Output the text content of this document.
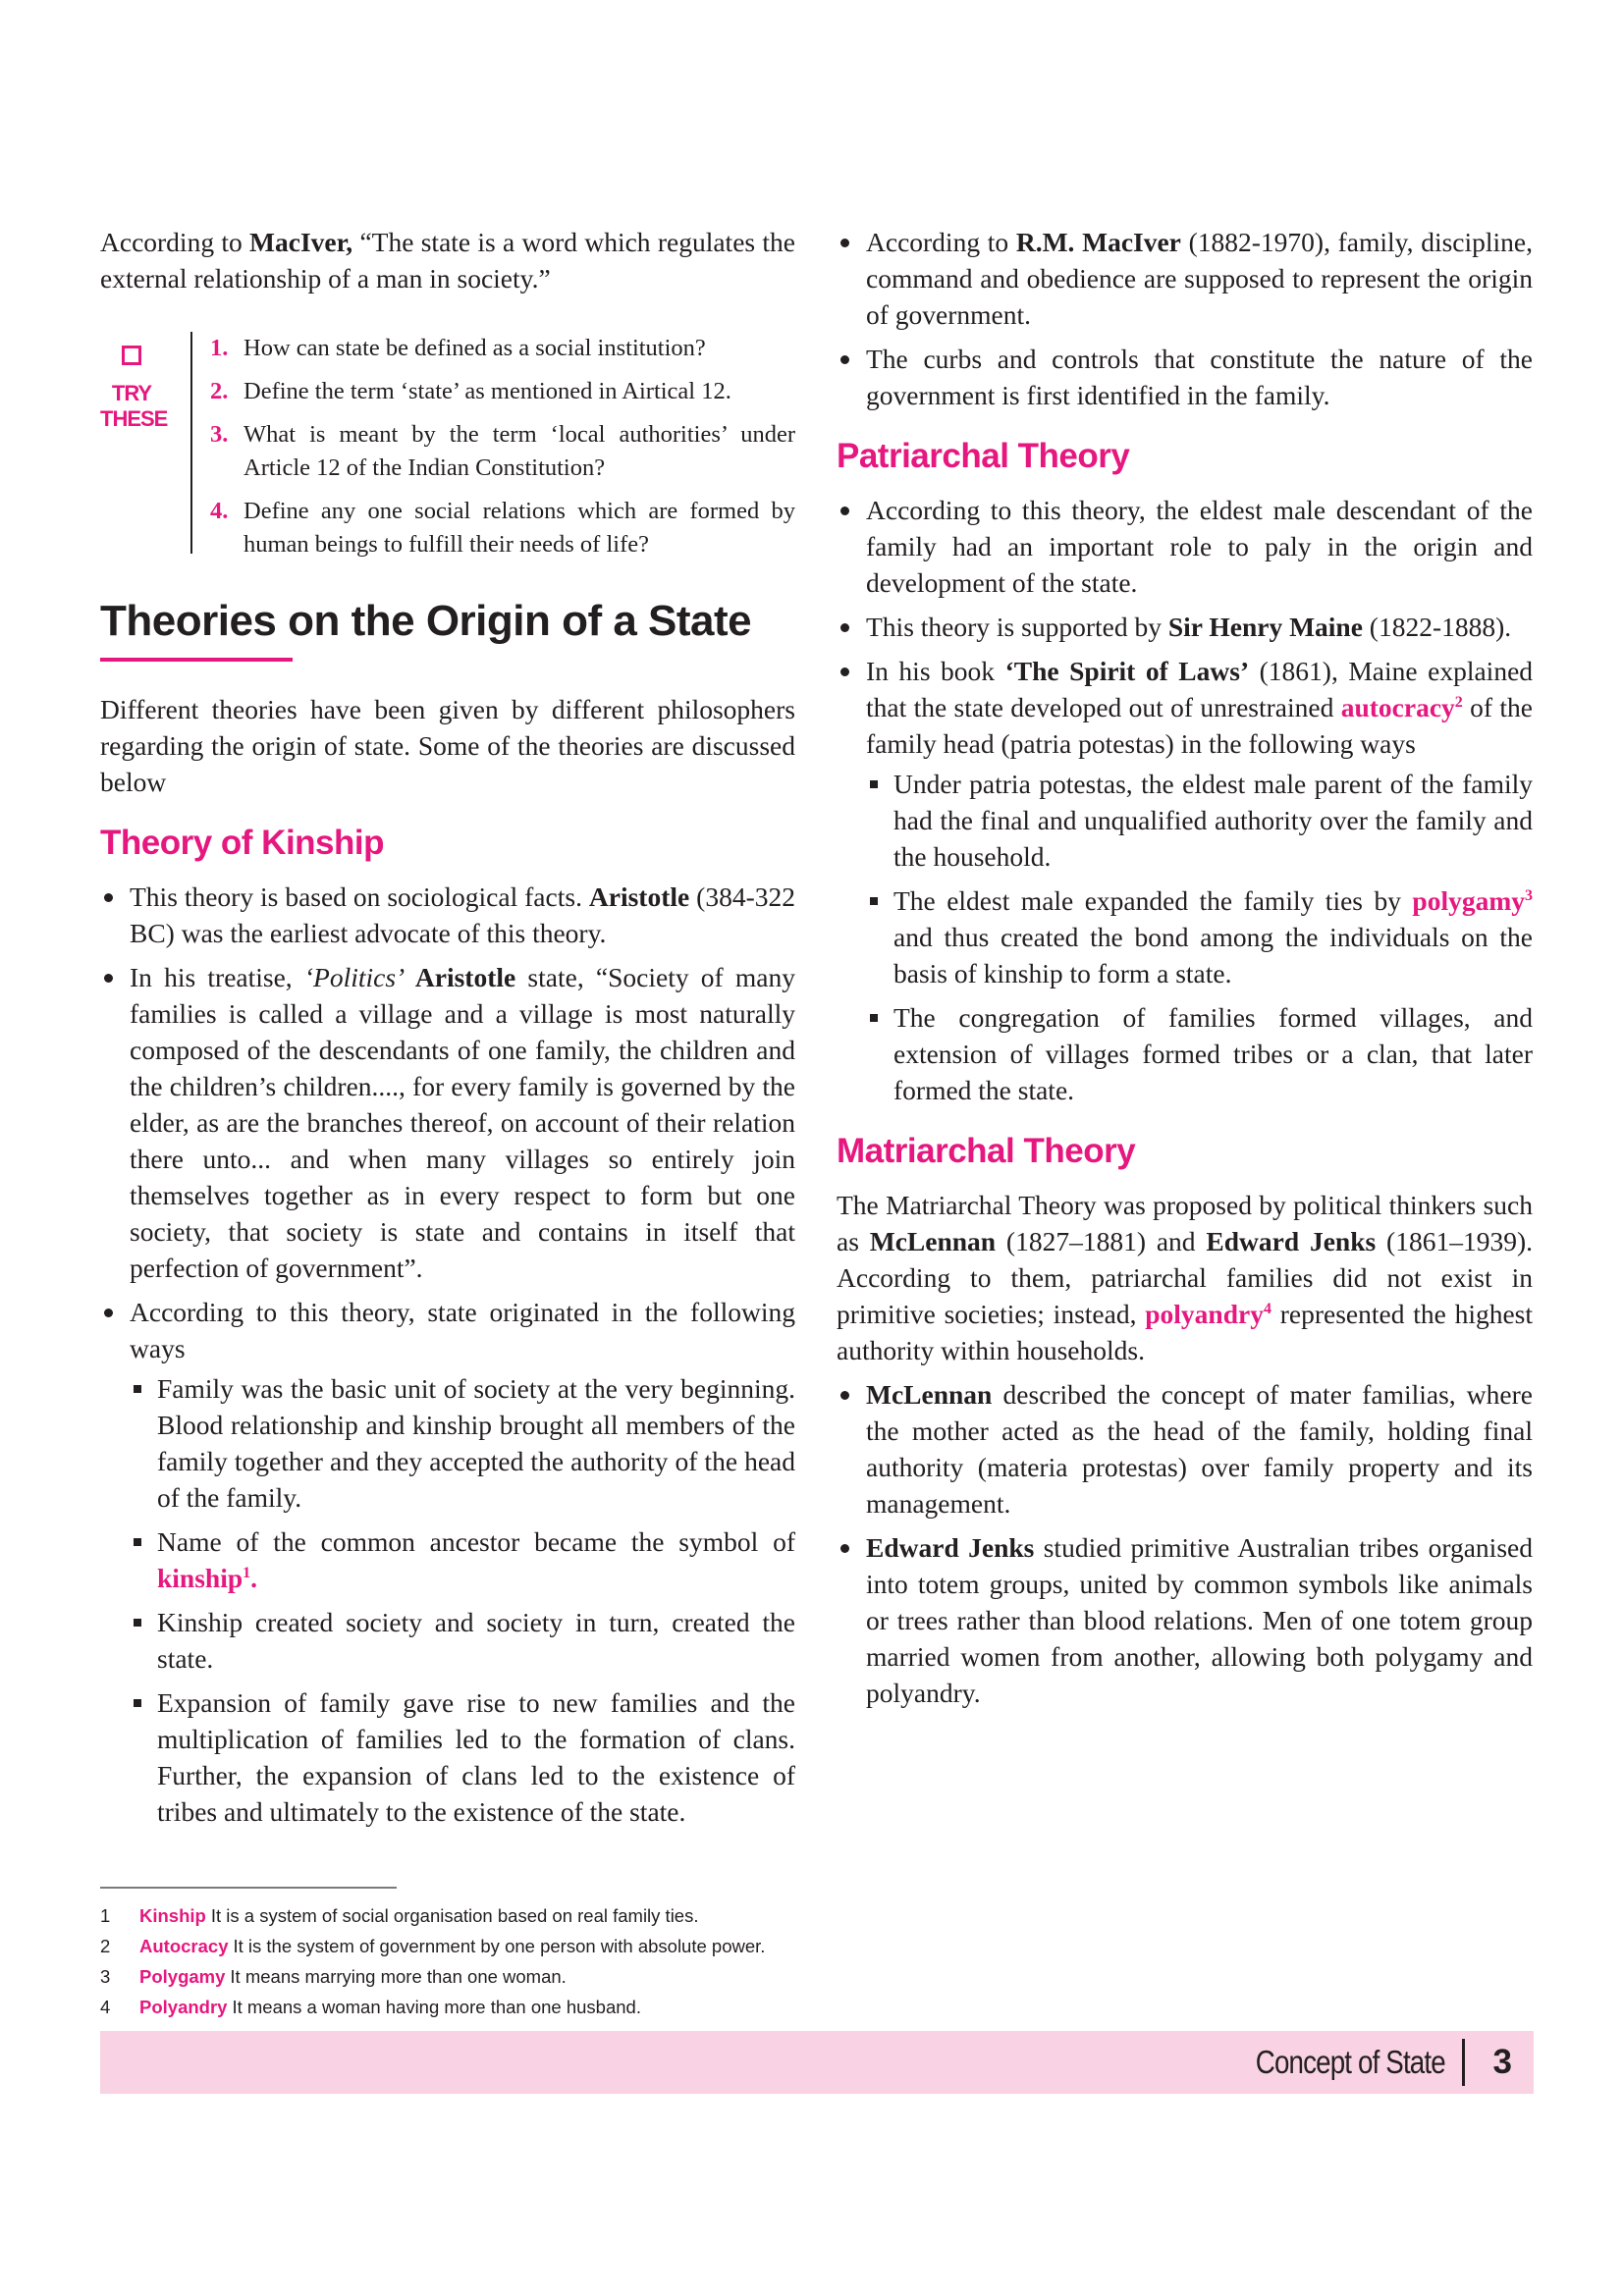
According to MacIver, “The state is a word which regulates the external relationship of a man in society.”

TRY
THESE
1. How can state be defined as a social institution?
2. Define the term ‘state’ as mentioned in Airtical 12.
3. What is meant by the term ‘local authorities’ under Article 12 of the Indian Constitution?
4. Define any one social relations which are formed by human beings to fulfill their needs of life?
Theories on the Origin of a State

Different theories have been given by different philosophers regarding the origin of state. Some of the theories are discussed below

Theory of Kinship
This theory is based on sociological facts. Aristotle (384-322 BC) was the earliest advocate of this theory.
In his treatise, ‘Politics’ Aristotle state, “Society of many families is called a village and a village is most naturally composed of the descendants of one family, the children and the children’s children...., for every family is governed by the elder, as are the branches thereof, on account of their relation there unto... and when many villages so entirely join themselves together as in every respect to form but one society, that society is state and contains in itself that perfection of government”.
According to this theory, state originated in the following ways
Family was the basic unit of society at the very beginning. Blood relationship and kinship brought all members of the family together and they accepted the authority of the head of the family.
Name of the common ancestor became the symbol of kinship$^1$.
Kinship created society and society in turn, created the state.
Expansion of family gave rise to new families and the multiplication of families led to the formation of clans. Further, the expansion of clans led to the existence of tribes and ultimately to the existence of the state.
According to R.M. MacIver (1882-1970), family, discipline, command and obedience are supposed to represent the origin of government.
The curbs and controls that constitute the nature of the government is first identified in the family.
Patriarchal Theory
According to this theory, the eldest male descendant of the family had an important role to paly in the origin and development of the state.
This theory is supported by Sir Henry Maine (1822-1888).
In his book ‘The Spirit of Laws’ (1861), Maine explained that the state developed out of unrestrained autocracy$^2$ of the family head (patria potestas) in the following ways
Under patria potestas, the eldest male parent of the family had the final and unqualified authority over the family and the household.
The eldest male expanded the family ties by polygamy$^3$ and thus created the bond among the individuals on the basis of kinship to form a state.
The congregation of families formed villages, and extension of villages formed tribes or a clan, that later formed the state.
Matriarchal Theory

The Matriarchal Theory was proposed by political thinkers such as McLennan (1827–1881) and Edward Jenks (1861–1939). According to them, patriarchal families did not exist in primitive societies; instead, polyandry$^4$ represented the highest authority within households.

McLennan described the concept of mater familias, where the mother acted as the head of the family, holding final authority (materia protestas) over family property and its management.
Edward Jenks studied primitive Australian tribes organised into totem groups, united by common symbols like animals or trees rather than blood relations. Men of one totem group married women from another, allowing both polygamy and polyandry.
1	Kinship It is a system of social organisation based on real family ties.
2	Autocracy It is the system of government by one person with absolute power.
3	Polygamy It means marrying more than one woman.
4	Polyandry It means a woman having more than one husband.
Concept of State 3
